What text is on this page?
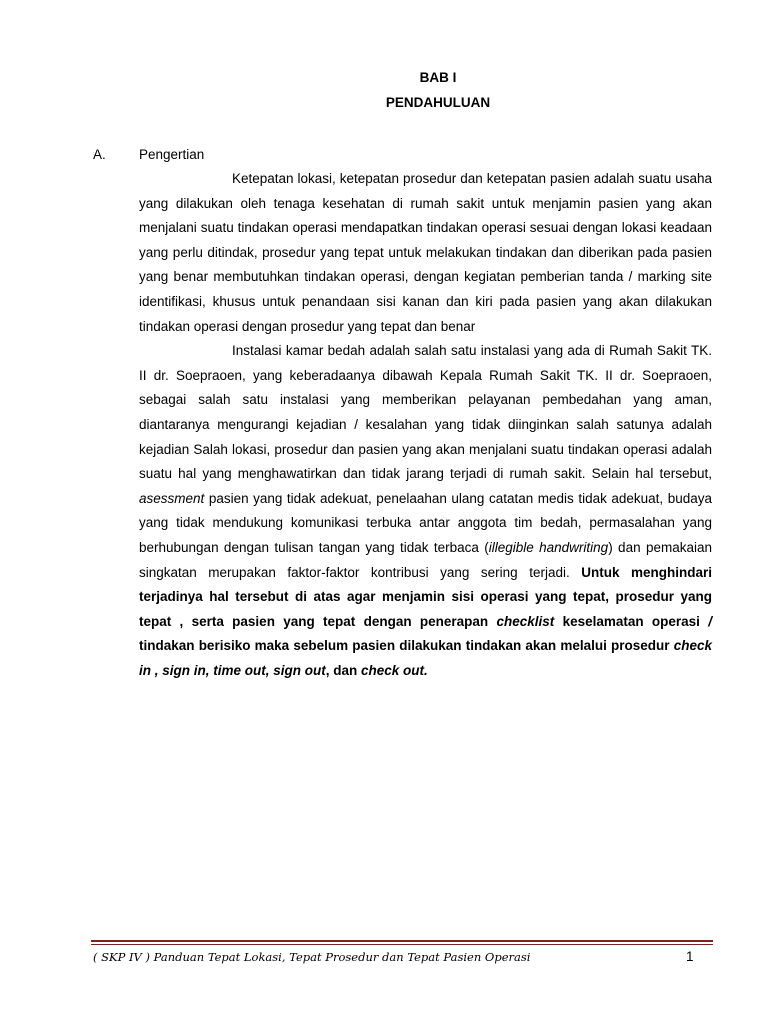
BAB I
PENDAHULUAN
A. Pengertian

Ketepatan lokasi, ketepatan prosedur dan ketepatan pasien adalah suatu usaha yang dilakukan oleh tenaga kesehatan di rumah sakit untuk menjamin pasien yang akan menjalani suatu tindakan operasi mendapatkan tindakan operasi sesuai dengan lokasi keadaan yang perlu ditindak, prosedur yang tepat untuk melakukan tindakan dan diberikan pada pasien yang benar membutuhkan tindakan operasi, dengan kegiatan pemberian tanda / marking site identifikasi, khusus untuk penandaan sisi kanan dan kiri pada pasien yang akan dilakukan tindakan operasi dengan prosedur yang tepat dan benar

Instalasi kamar bedah adalah salah satu instalasi yang ada di Rumah Sakit TK. II dr. Soepraoen, yang keberadaanya dibawah Kepala Rumah Sakit TK. II dr. Soepraoen, sebagai salah satu instalasi yang memberikan pelayanan pembedahan yang aman, diantaranya mengurangi kejadian / kesalahan yang tidak diinginkan salah satunya adalah kejadian Salah lokasi, prosedur dan pasien yang akan menjalani suatu tindakan operasi adalah suatu hal yang menghawatirkan dan tidak jarang terjadi di rumah sakit. Selain hal tersebut, asessment pasien yang tidak adekuat, penelaahan ulang catatan medis tidak adekuat, budaya yang tidak mendukung komunikasi terbuka antar anggota tim bedah, permasalahan yang berhubungan dengan tulisan tangan yang tidak terbaca (illegible handwriting) dan pemakaian singkatan merupakan faktor-faktor kontribusi yang sering terjadi. Untuk menghindari terjadinya hal tersebut di atas agar menjamin sisi operasi yang tepat, prosedur yang tepat , serta pasien yang tepat dengan penerapan checklist keselamatan operasi / tindakan berisiko maka sebelum pasien dilakukan tindakan akan melalui prosedur check in , sign in, time out, sign out, dan check out.

( SKP IV ) Panduan Tepat Lokasi, Tepat Prosedur dan Tepat Pasien Operasi	1
